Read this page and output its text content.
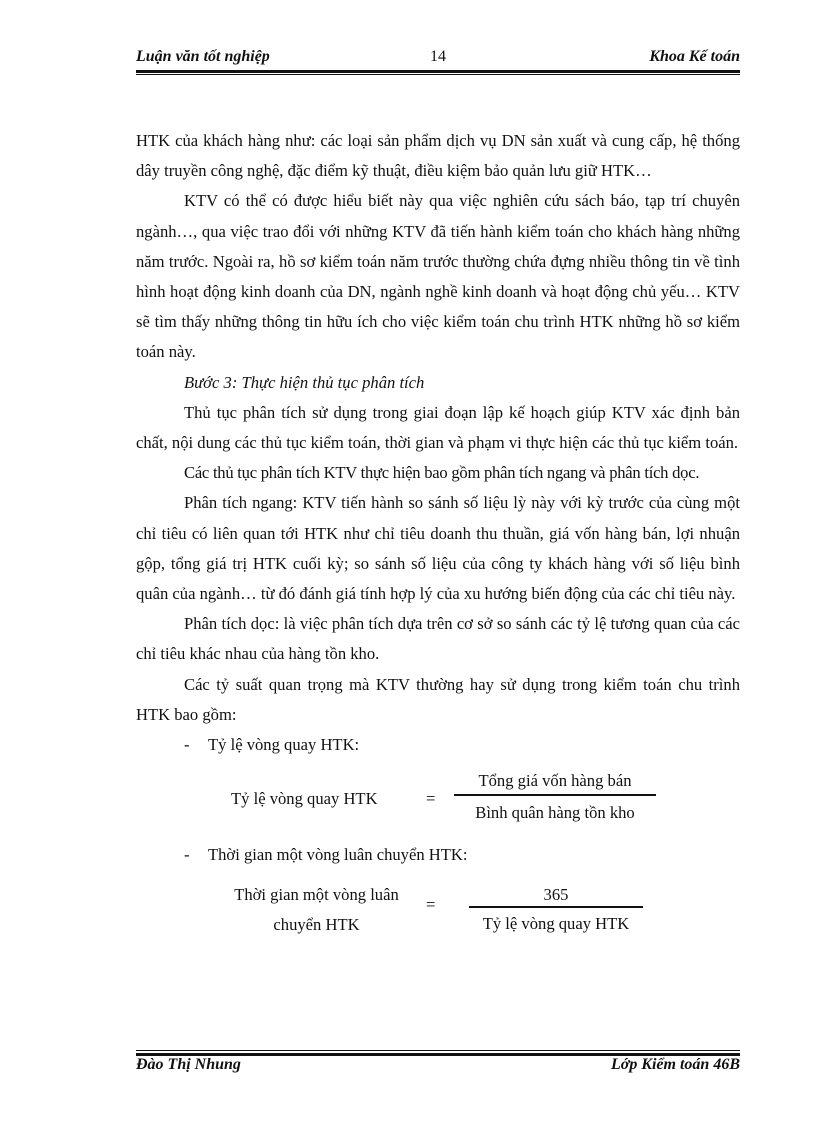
Luận văn tốt nghiệp	14	Khoa Kế toán

HTK của khách hàng như: các loại sản phẩm dịch vụ DN sản xuất và cung cấp, hệ thống dây truyền công nghệ, đặc điểm kỹ thuật, điều kiệm bảo quản lưu giữ HTK…

KTV có thể có được hiểu biết này qua việc nghiên cứu sách báo, tạp trí chuyên ngành…, qua việc trao đổi với những KTV đã tiến hành kiểm toán cho khách hàng những năm trước. Ngoài ra, hồ sơ kiểm toán năm trước thường chứa đựng nhiều thông tin về tình hình hoạt động kinh doanh của DN, ngành nghề kinh doanh và hoạt động chủ yếu… KTV sẽ tìm thấy những thông tin hữu ích cho việc kiểm toán chu trình HTK những hồ sơ kiểm toán này.

Bước 3: Thực hiện thủ tục phân tích

Thủ tục phân tích sử dụng trong giai đoạn lập kế hoạch giúp KTV xác định bản chất, nội dung các thủ tục kiểm toán, thời gian và phạm vi thực hiện các thủ tục kiểm toán.

Các thủ tục phân tích KTV thực hiện bao gồm phân tích ngang và phân tích dọc.

Phân tích ngang: KTV tiến hành so sánh số liệu lỳ này với kỳ trước của cùng một chỉ tiêu có liên quan tới HTK như chỉ tiêu doanh thu thuần, giá vốn hàng bán, lợi nhuận gộp, tổng giá trị HTK cuối kỳ; so sánh số liệu của công ty khách hàng với số liệu bình quân của ngành… từ đó đánh giá tính hợp lý của xu hướng biến động của các chỉ tiêu này.

Phân tích dọc: là việc phân tích dựa trên cơ sở so sánh các tỷ lệ tương quan của các chỉ tiêu khác nhau của hàng tồn kho.

Các tỷ suất quan trọng mà KTV thường hay sử dụng trong kiểm toán chu trình HTK bao gồm:

- Tỷ lệ vòng quay HTK:

Tỷ lệ vòng quay HTK	=
Tổng giá vốn hàng bán
Bình quân hàng tồn kho

- Thời gian một vòng luân chuyển HTK:

Thời gian một vòng luân
chuyển HTK
=
365
Tỷ lệ vòng quay HTK
Đào Thị Nhung	Lớp Kiểm toán 46B
